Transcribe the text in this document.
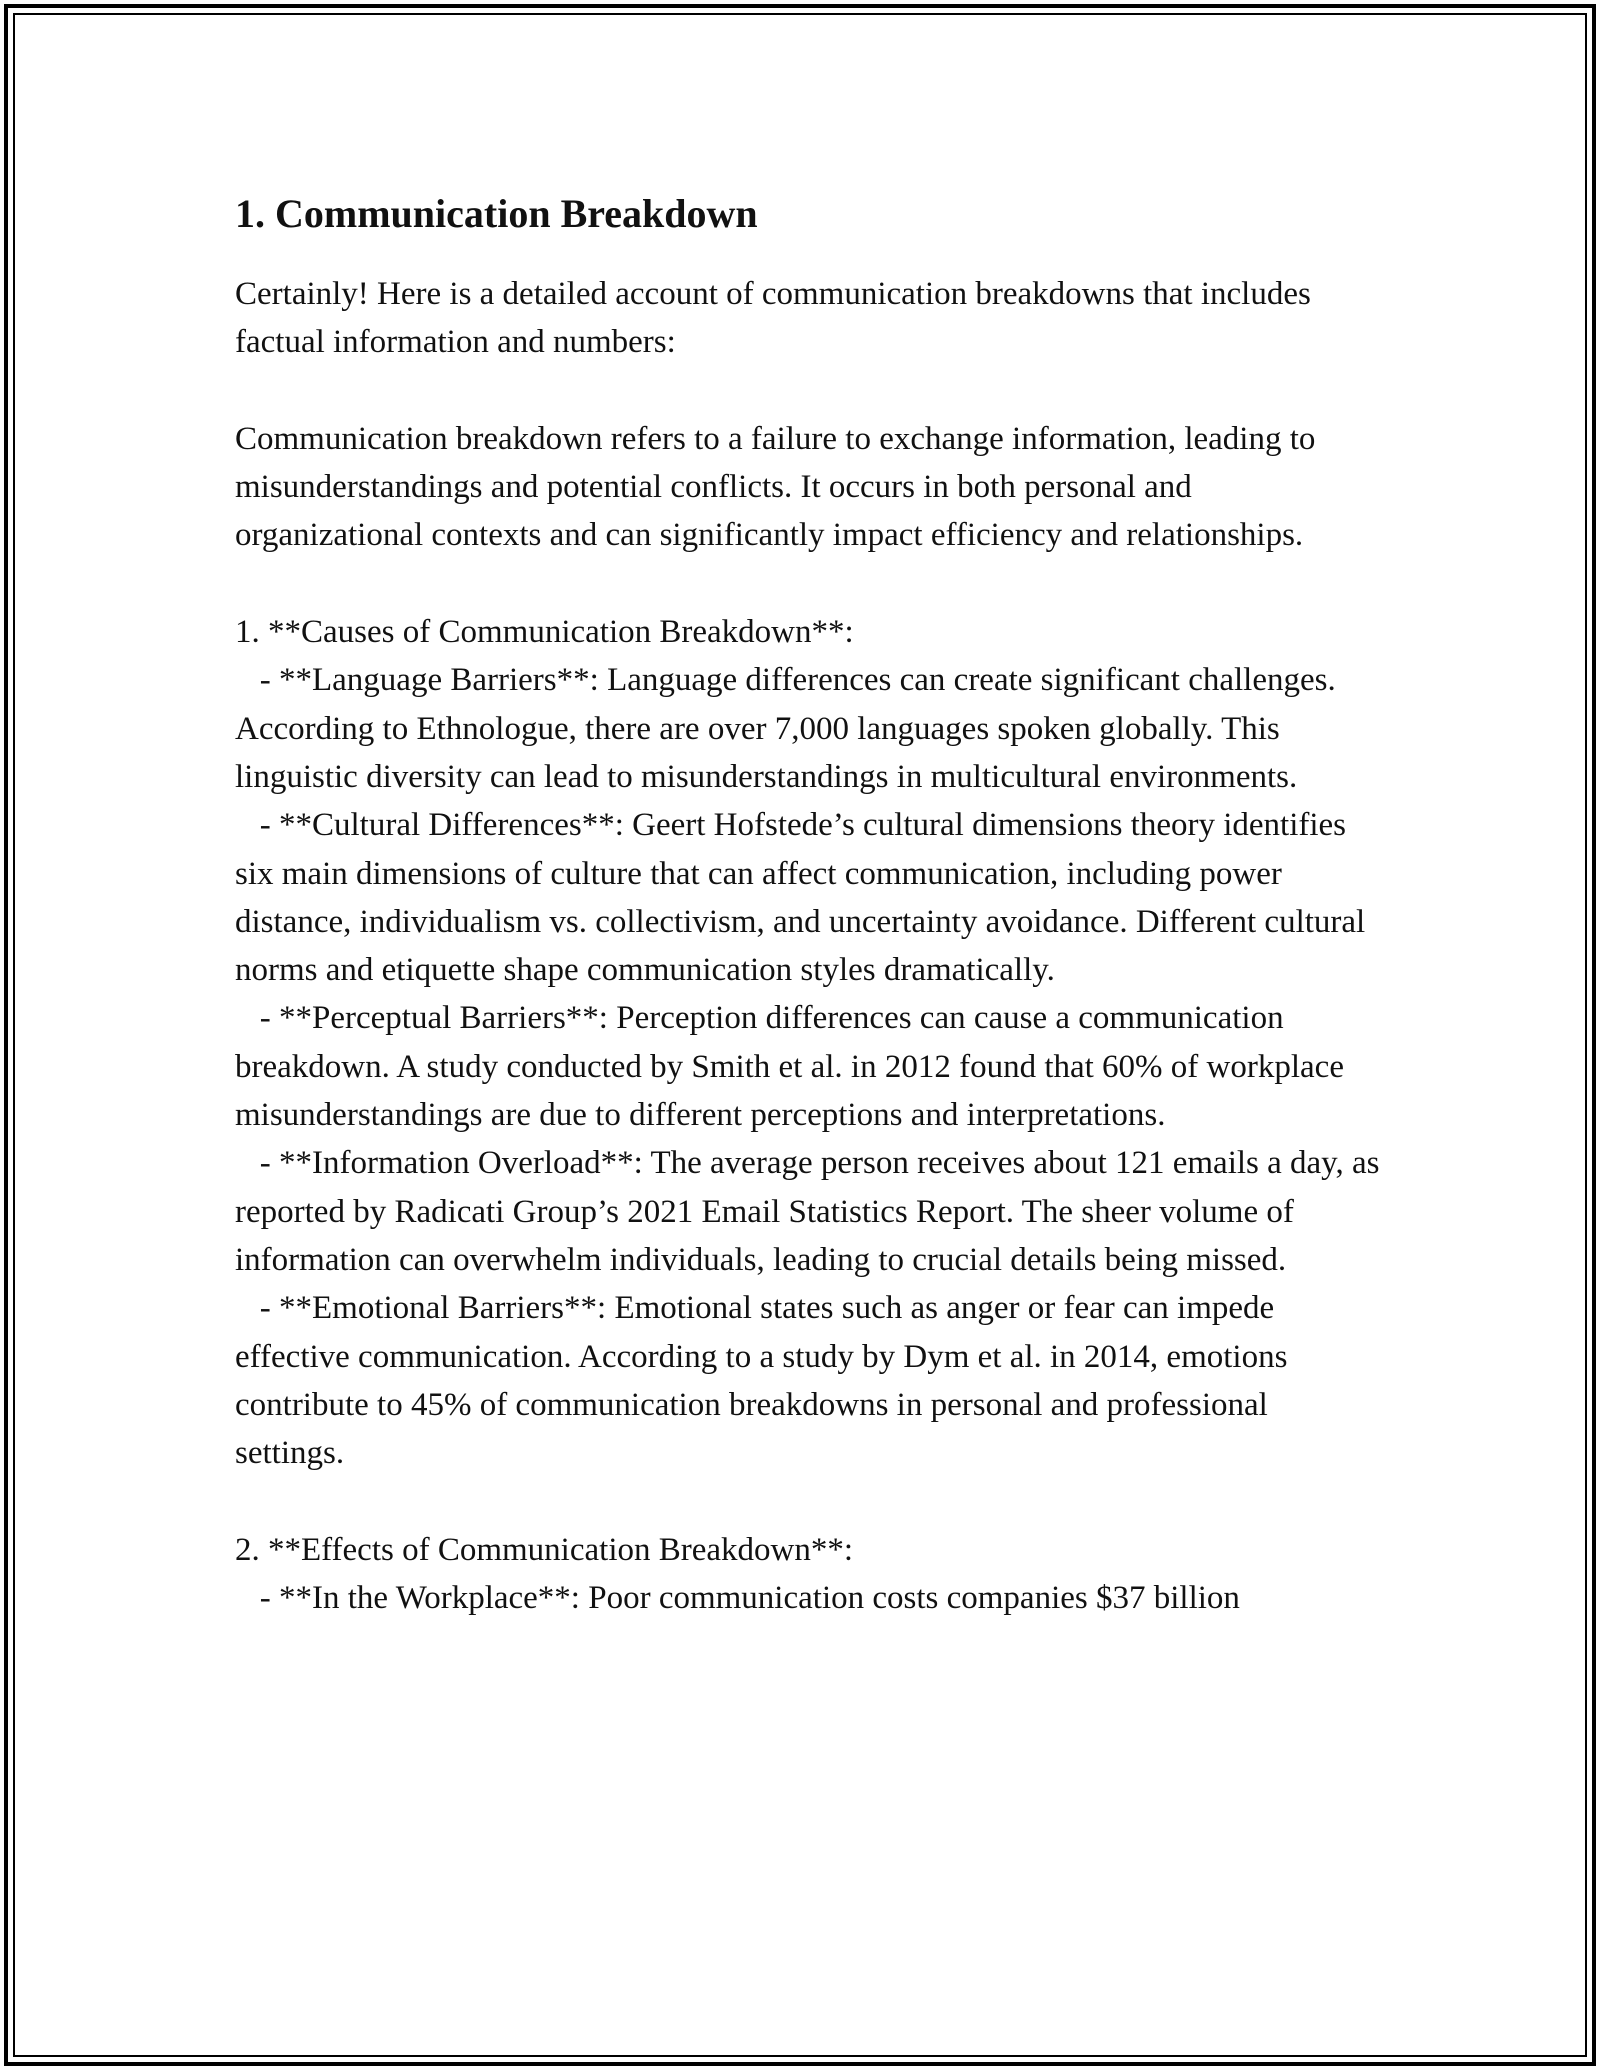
1. Communication Breakdown

Certainly! Here is a detailed account of communication breakdowns that includes factual information and numbers:

Communication breakdown refers to a failure to exchange information, leading to misunderstandings and potential conflicts. It occurs in both personal and organizational contexts and can significantly impact efficiency and relationships.

1. **Causes of Communication Breakdown**:

- **Language Barriers**: Language differences can create significant challenges. According to Ethnologue, there are over 7,000 languages spoken globally. This linguistic diversity can lead to misunderstandings in multicultural environments.

- **Cultural Differences**: Geert Hofstede’s cultural dimensions theory identifies six main dimensions of culture that can affect communication, including power distance, individualism vs. collectivism, and uncertainty avoidance. Different cultural norms and etiquette shape communication styles dramatically.

- **Perceptual Barriers**: Perception differences can cause a communication breakdown. A study conducted by Smith et al. in 2012 found that 60% of workplace misunderstandings are due to different perceptions and interpretations.

- **Information Overload**: The average person receives about 121 emails a day, as reported by Radicati Group’s 2021 Email Statistics Report. The sheer volume of information can overwhelm individuals, leading to crucial details being missed.

- **Emotional Barriers**: Emotional states such as anger or fear can impede effective communication. According to a study by Dym et al. in 2014, emotions contribute to 45% of communication breakdowns in personal and professional settings.

2. **Effects of Communication Breakdown**:

- **In the Workplace**: Poor communication costs companies $37 billion
